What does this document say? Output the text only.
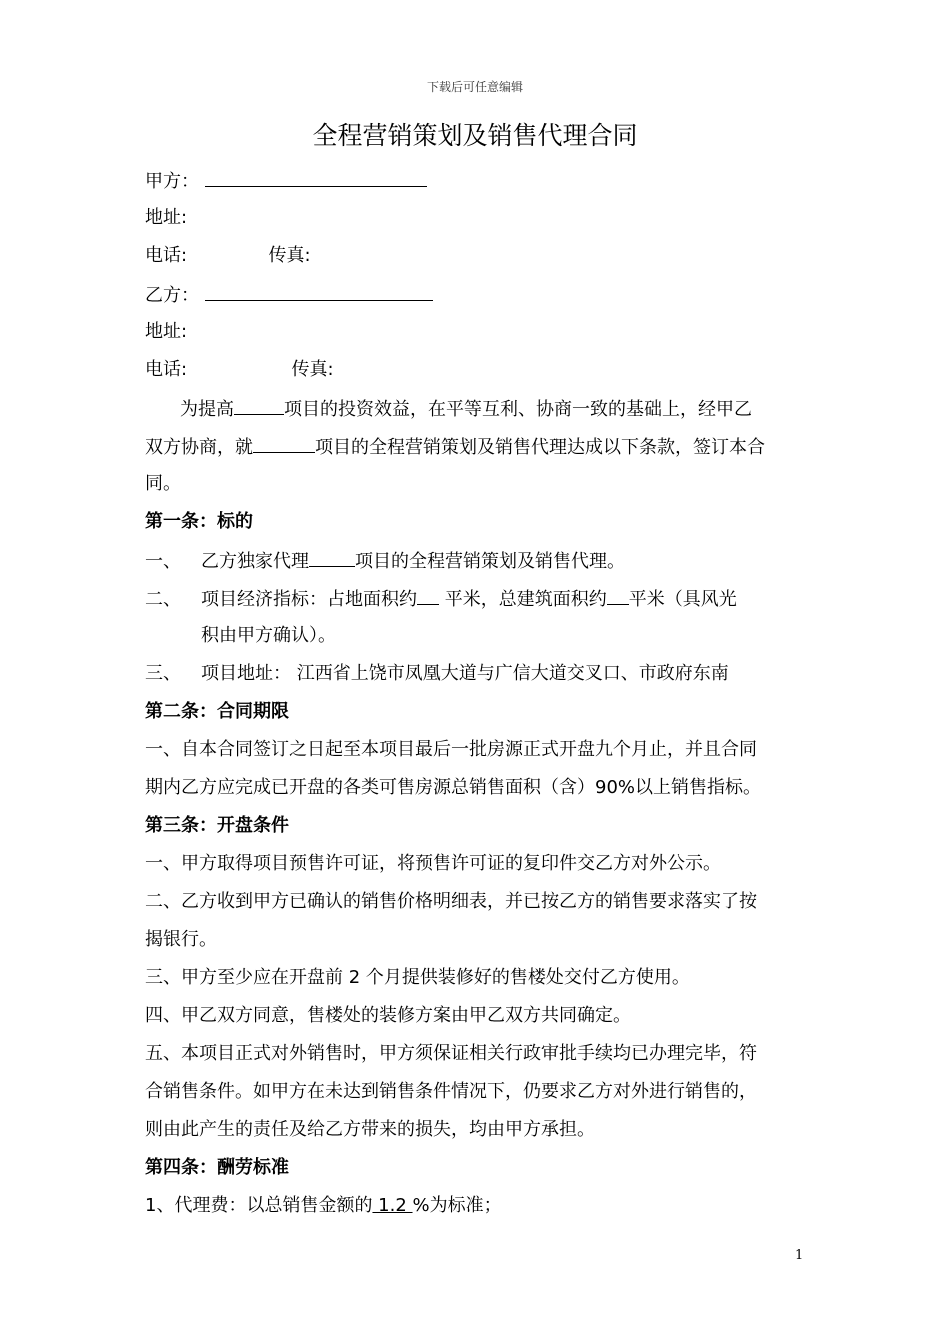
下载后可任意编辑
全程营销策划及销售代理合同
甲方：
地址:
电话:	传真:
乙方：
地址:
电话:	传真:
为提高	项目的投资效益，在平等互利、协商一致的基础上，经甲乙
双方协商，就	项目的全程营销策划及销售代理达成以下条款，签订本合
同。
第一条：标的
一、 乙方独家代理	项目的全程营销策划及销售代理。
二、 项目经济指标：占地面积约 平米，总建筑面积约 平米（具风光
积由甲方确认）。
三、 项目地址： 江西省上饶市凤凰大道与广信大道交叉口、市政府东南
第二条：合同期限
一、自本合同签订之日起至本项目最后一批房源正式开盘九个月止，并且合同
期内乙方应完成已开盘的各类可售房源总销售面积（含）90%以上销售指标。
第三条：开盘条件
一、甲方取得项目预售许可证，将预售许可证的复印件交乙方对外公示。
二、乙方收到甲方已确认的销售价格明细表，并已按乙方的销售要求落实了按
揭银行。
三、甲方至少应在开盘前 2 个月提供装修好的售楼处交付乙方使用。
四、甲乙双方同意，售楼处的装修方案由甲乙双方共同确定。
五、本项目正式对外销售时，甲方须保证相关行政审批手续均已办理完毕，符
合销售条件。如甲方在未达到销售条件情况下，仍要求乙方对外进行销售的，
则由此产生的责任及给乙方带来的损失，均由甲方承担。
第四条：酬劳标准
1、代理费：以总销售金额的 1.2 %为标准；
1
